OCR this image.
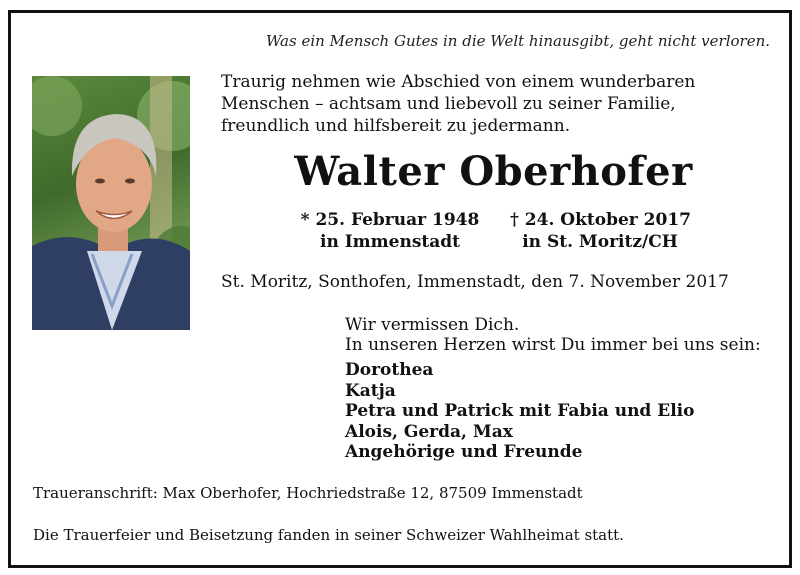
Was ein Mensch Gutes in die Welt hinausgibt, geht nicht verloren.
Traurig nehmen wie Abschied von einem wunderbaren
Menschen – achtsam und liebevoll zu seiner Familie,
freundlich und hilfsbereit zu jedermann.
Walter Oberhofer
* 25. Februar 1948
in Immenstadt
† 24. Oktober 2017
in St. Moritz/CH
St. Moritz, Sonthofen, Immenstadt, den 7. November 2017
Wir vermissen Dich.
In unseren Herzen wirst Du immer bei uns sein:
Dorothea
Katja
Petra und Patrick mit Fabia und Elio
Alois, Gerda, Max
Angehörige und Freunde
Traueranschrift: Max Oberhofer, Hochriedstraße 12, 87509 Immenstadt
Die Trauerfeier und Beisetzung fanden in seiner Schweizer Wahlheimat statt.
